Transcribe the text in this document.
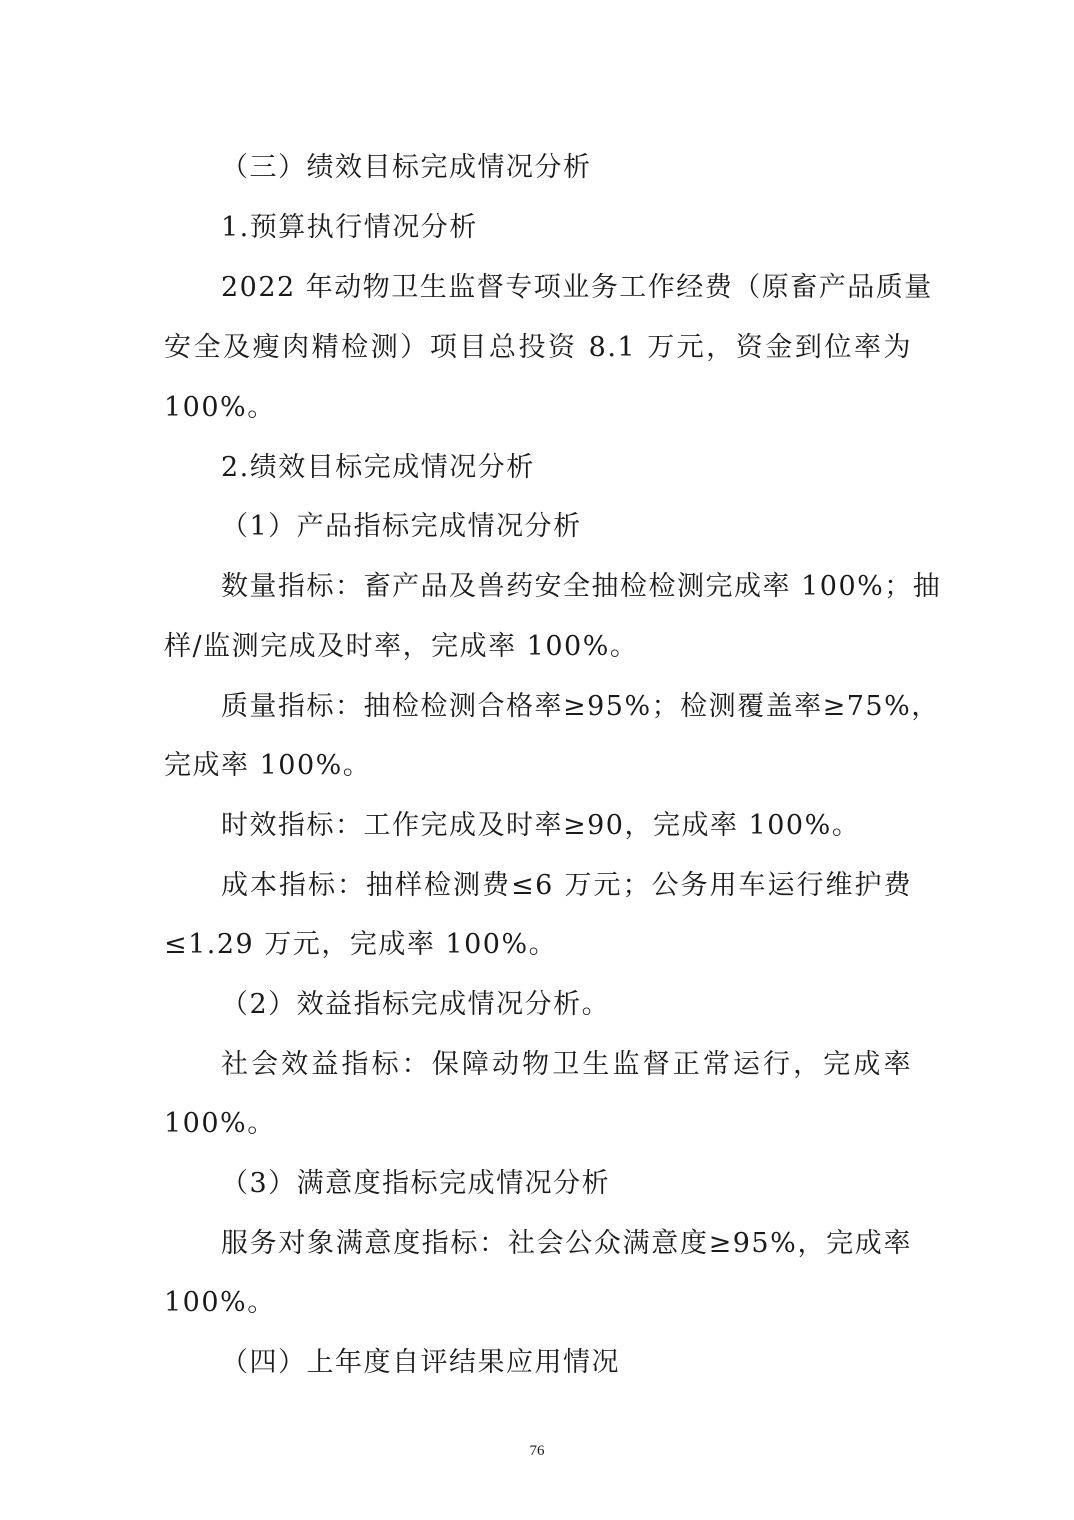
（三）绩效目标完成情况分析
1.预算执行情况分析
2022 年动物卫生监督专项业务工作经费（原畜产品质量
安全及瘦肉精检测）项目总投资 8.1 万元，资金到位率为
100%。
2.绩效目标完成情况分析
（1）产品指标完成情况分析
数量指标：畜产品及兽药安全抽检检测完成率 100%；抽
样/监测完成及时率，完成率 100%。
质量指标：抽检检测合格率≥95%；检测覆盖率≥75%，
完成率 100%。
时效指标：工作完成及时率≥90，完成率 100%。
成本指标：抽样检测费≤6 万元；公务用车运行维护费
≤1.29 万元，完成率 100%。
（2）效益指标完成情况分析。
社会效益指标：保障动物卫生监督正常运行，完成率
100%。
（3）满意度指标完成情况分析
服务对象满意度指标：社会公众满意度≥95%，完成率
100%。
（四）上年度自评结果应用情况
76
